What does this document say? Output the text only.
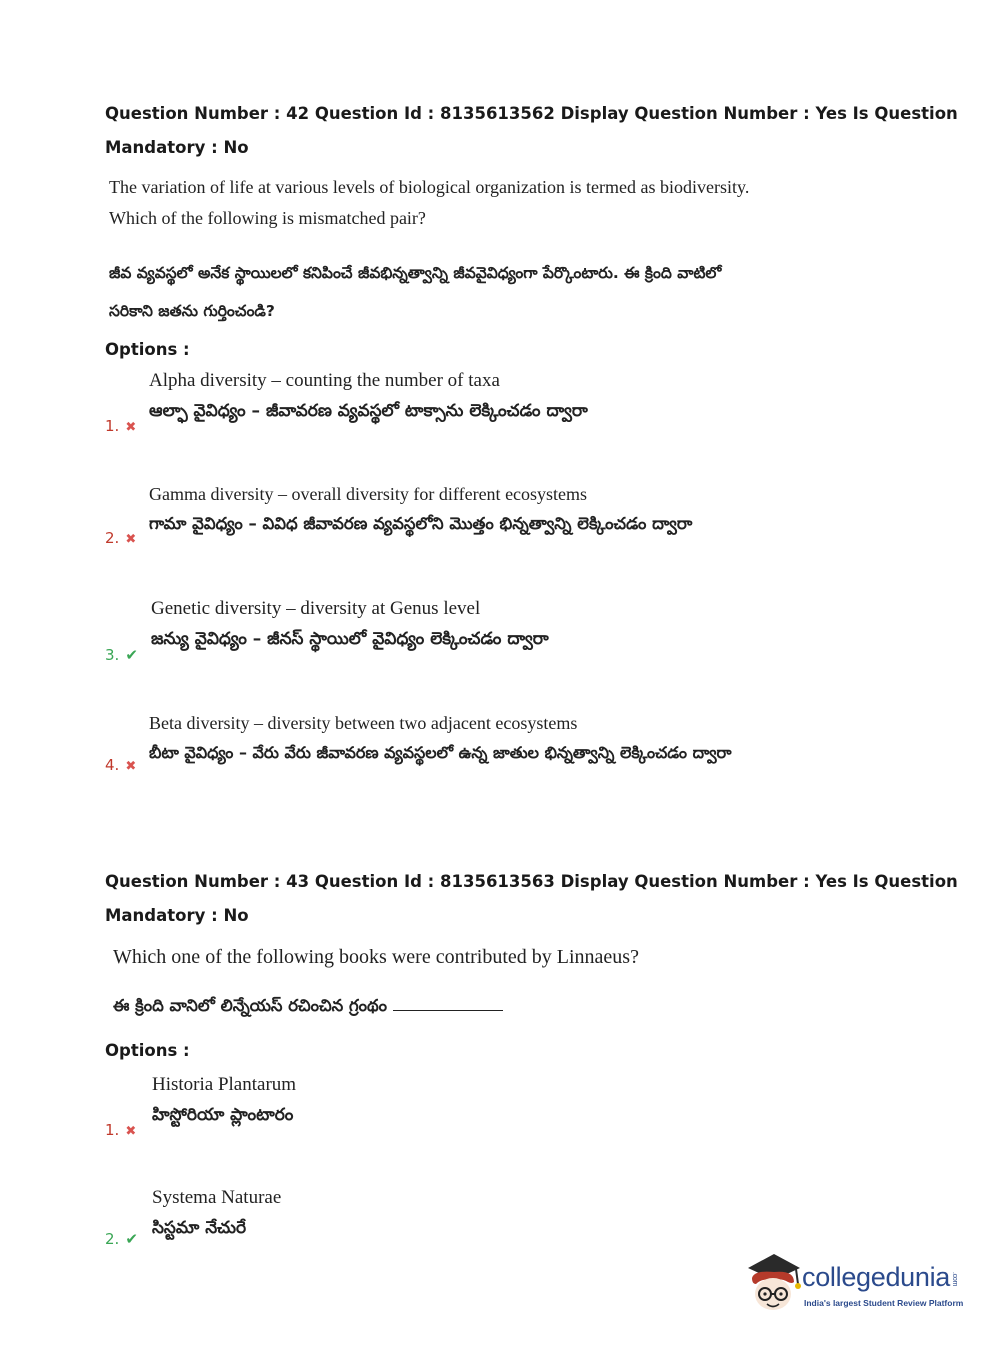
Question Number : 42 Question Id : 8135613562 Display Question Number : Yes Is Question
Mandatory : No
The variation of life at various levels of biological organization is termed as biodiversity.
Which of the following is mismatched pair?
జీవ వ్యవస్థలో అనేక స్థాయిలలో కనిపించే జీవభిన్నత్వాన్ని జీవవైవిధ్యంగా పేర్కొంటారు. ఈ క్రింది వాటిలో
సరికాని జతను గుర్తించండి?
Options :
Alpha diversity – counting the number of taxa
ఆల్ఫా వైవిధ్యం – జీవావరణ వ్యవస్థలో టాక్సాను లెక్కించడం ద్వారా
1. ✖
Gamma diversity – overall diversity for different ecosystems
గామా వైవిధ్యం – వివిధ జీవావరణ వ్యవస్థలోని మొత్తం భిన్నత్వాన్ని లెక్కించడం ద్వారా
2. ✖
Genetic diversity – diversity at Genus level
జన్యు వైవిధ్యం – జీనస్ స్థాయిలో వైవిధ్యం లెక్కించడం ద్వారా
3. ✔
Beta diversity – diversity between two adjacent ecosystems
బీటా వైవిధ్యం – వేరు వేరు జీవావరణ వ్యవస్థలలో ఉన్న జాతుల భిన్నత్వాన్ని లెక్కించడం ద్వారా
4. ✖
Question Number : 43 Question Id : 8135613563 Display Question Number : Yes Is Question
Mandatory : No
Which one of the following books were contributed by Linnaeus?
ఈ క్రింది వానిలో లిన్నేయస్ రచించిన గ్రంథం
Options :
Historia Plantarum
హిస్టోరియా ప్లాంటారం
1. ✖
Systema Naturae
సిస్టమా నేచురే
2. ✔
collegedunia.com
India's largest Student Review Platform
